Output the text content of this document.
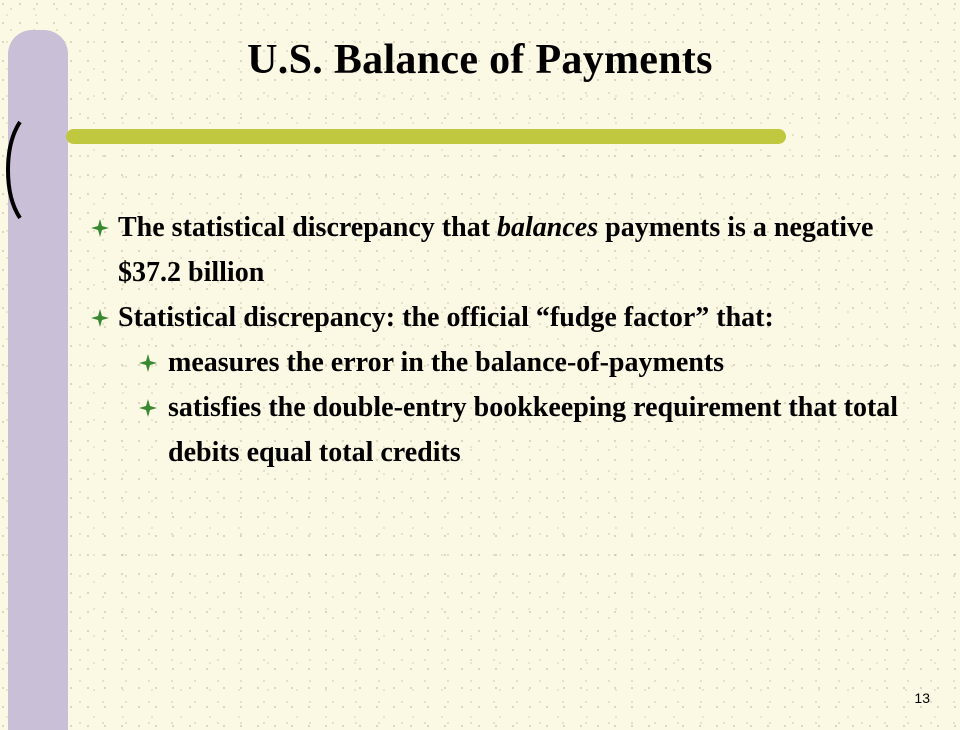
U.S. Balance of Payments
The statistical discrepancy that balances payments is a negative $37.2 billion
Statistical discrepancy: the official “fudge factor” that:
measures the error in the balance-of-payments
satisfies the double-entry bookkeeping requirement that total debits equal total credits
13
